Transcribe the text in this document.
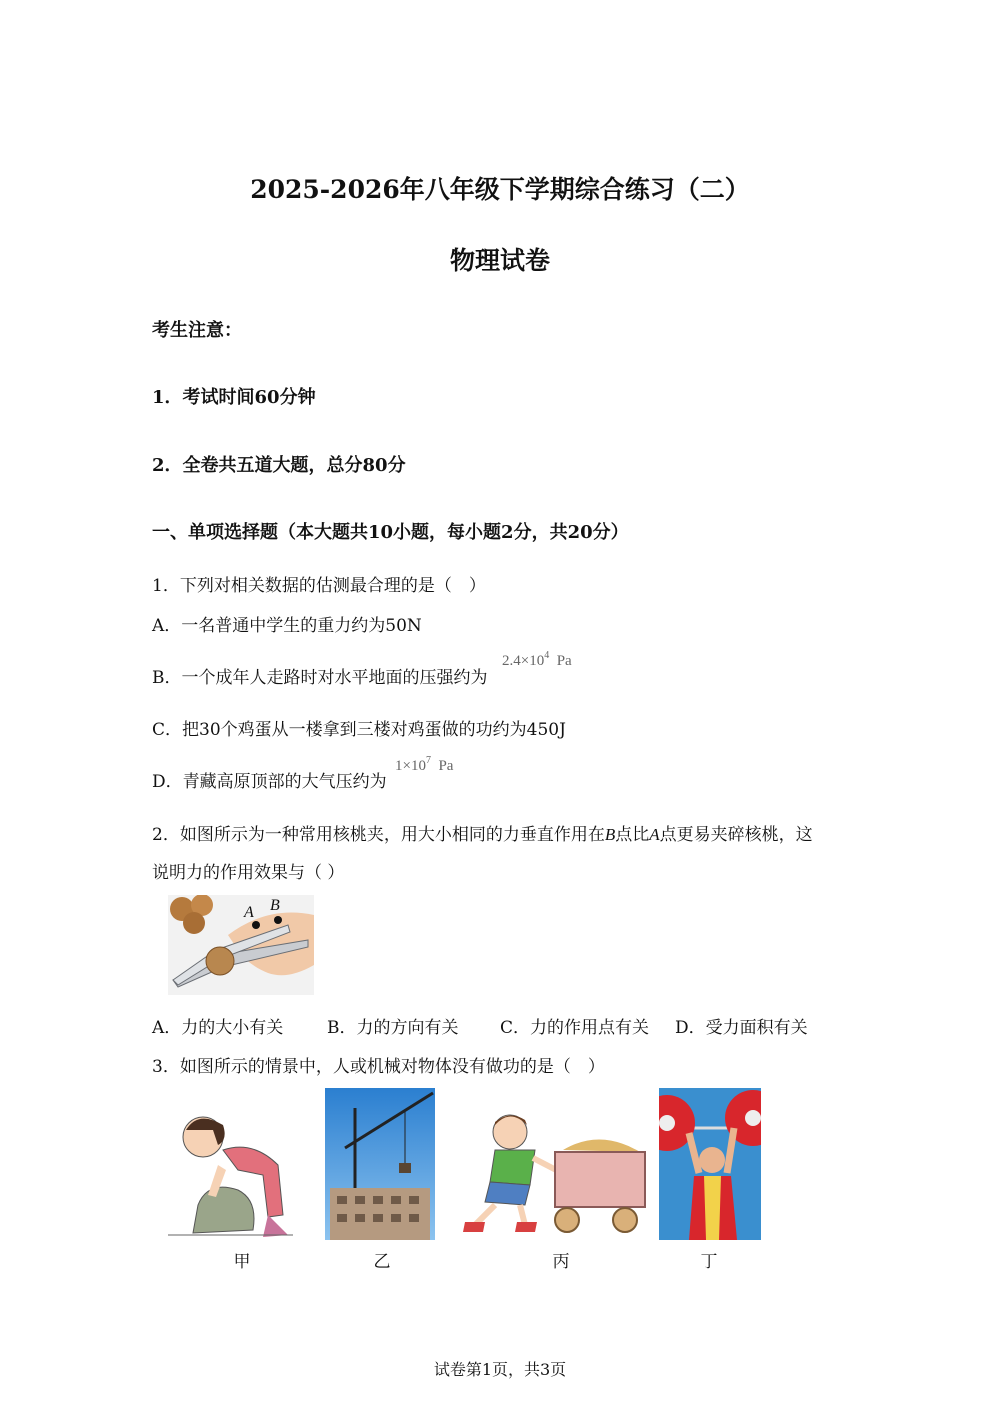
2025-2026年八年级下学期综合练习（二）
物理试卷
考生注意：
1．考试时间60分钟
2．全卷共五道大题，总分80分
一、单项选择题（本大题共10小题，每小题2分，共20分）
1．下列对相关数据的估测最合理的是（　）
A．一名普通中学生的重力约为50N
B．一个成年人走路时对水平地面的压强约为
$2.4\times 10^4$ Pa
C．把30个鸡蛋从一楼拿到三楼对鸡蛋做的功约为450J
D．青藏高原顶部的大气压约为
$1\times 10^7$ Pa
2．如图所示为一种常用核桃夹，用大小相同的力垂直作用在B点比A点更易夹碎核桃，这
说明力的作用效果与（ ）
A B
A．力的大小有关	B．力的方向有关 C．力的作用点有关 D．受力面积有关
3．如图所示的情景中，人或机械对物体没有做功的是（　）
甲	乙	丙	丁
试卷第1页，共3页
